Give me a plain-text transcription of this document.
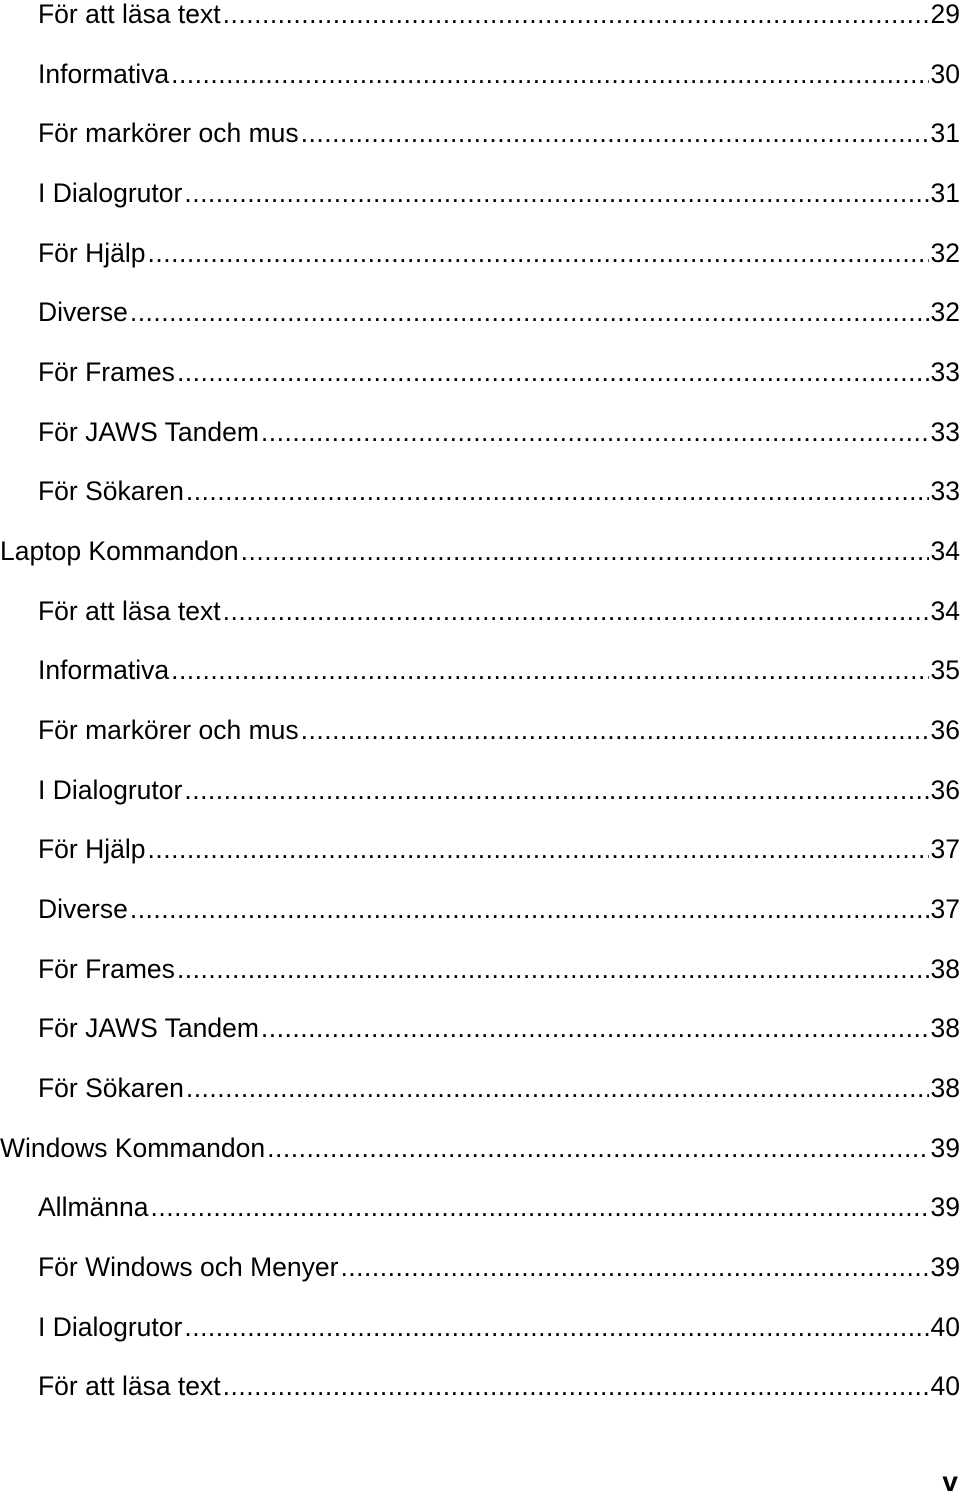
För att läsa text .....	29
Informativa .....	30
För markörer och mus .....	31
I Dialogrutor .....	31
För Hjälp .....	32
Diverse .....	32
För Frames .....	33
För JAWS Tandem .....	33
För Sökaren .....	33
Laptop Kommandon .....	34
För att läsa text .....	34
Informativa .....	35
För markörer och mus .....	36
I Dialogrutor .....	36
För Hjälp .....	37
Diverse .....	37
För Frames .....	38
För JAWS Tandem .....	38
För Sökaren .....	38
Windows Kommandon .....	39
Allmänna .....	39
För Windows och Menyer .....	39
I Dialogrutor .....	40
För att läsa text .....	40
v
